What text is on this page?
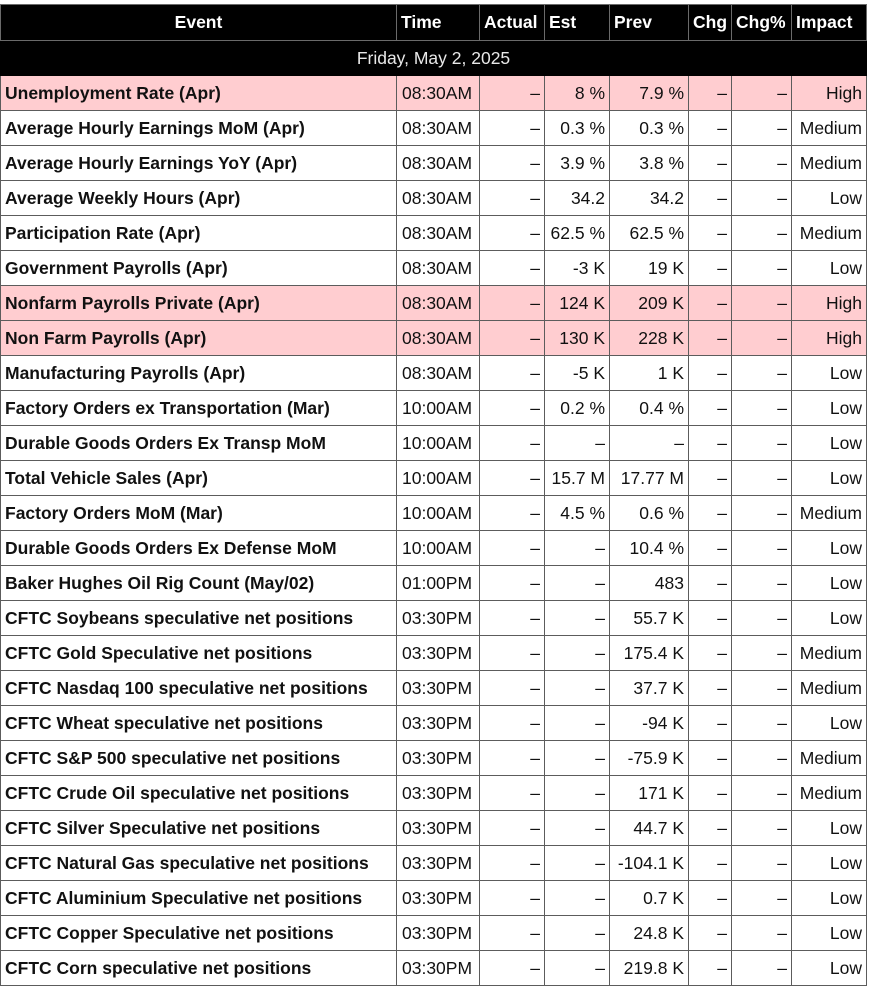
Event	Time	Actual	Est	Prev	Chg	Chg%	Impact
Friday, May 2, 2025							
Unemployment Rate (Apr)	08:30AM	–	8 %	7.9 %	–	–	High
Average Hourly Earnings MoM (Apr)	08:30AM	–	0.3 %	0.3 %	–	–	Medium
Average Hourly Earnings YoY (Apr)	08:30AM	–	3.9 %	3.8 %	–	–	Medium
Average Weekly Hours (Apr)	08:30AM	–	34.2	34.2	–	–	Low
Participation Rate (Apr)	08:30AM	–	62.5 %	62.5 %	–	–	Medium
Government Payrolls (Apr)	08:30AM	–	-3 K	19 K	–	–	Low
Nonfarm Payrolls Private (Apr)	08:30AM	–	124 K	209 K	–	–	High
Non Farm Payrolls (Apr)	08:30AM	–	130 K	228 K	–	–	High
Manufacturing Payrolls (Apr)	08:30AM	–	-5 K	1 K	–	–	Low
Factory Orders ex Transportation (Mar)	10:00AM	–	0.2 %	0.4 %	–	–	Low
Durable Goods Orders Ex Transp MoM	10:00AM	–	–	–	–	–	Low
Total Vehicle Sales (Apr)	10:00AM	–	15.7 M	17.77 M	–	–	Low
Factory Orders MoM (Mar)	10:00AM	–	4.5 %	0.6 %	–	–	Medium
Durable Goods Orders Ex Defense MoM	10:00AM	–	–	10.4 %	–	–	Low
Baker Hughes Oil Rig Count (May/02)	01:00PM	–	–	483	–	–	Low
CFTC Soybeans speculative net positions	03:30PM	–	–	55.7 K	–	–	Low
CFTC Gold Speculative net positions	03:30PM	–	–	175.4 K	–	–	Medium
CFTC Nasdaq 100 speculative net positions	03:30PM	–	–	37.7 K	–	–	Medium
CFTC Wheat speculative net positions	03:30PM	–	–	-94 K	–	–	Low
CFTC S&P 500 speculative net positions	03:30PM	–	–	-75.9 K	–	–	Medium
CFTC Crude Oil speculative net positions	03:30PM	–	–	171 K	–	–	Medium
CFTC Silver Speculative net positions	03:30PM	–	–	44.7 K	–	–	Low
CFTC Natural Gas speculative net positions	03:30PM	–	–	-104.1 K	–	–	Low
CFTC Aluminium Speculative net positions	03:30PM	–	–	0.7 K	–	–	Low
CFTC Copper Speculative net positions	03:30PM	–	–	24.8 K	–	–	Low
CFTC Corn speculative net positions	03:30PM	–	–	219.8 K	–	–	Low
